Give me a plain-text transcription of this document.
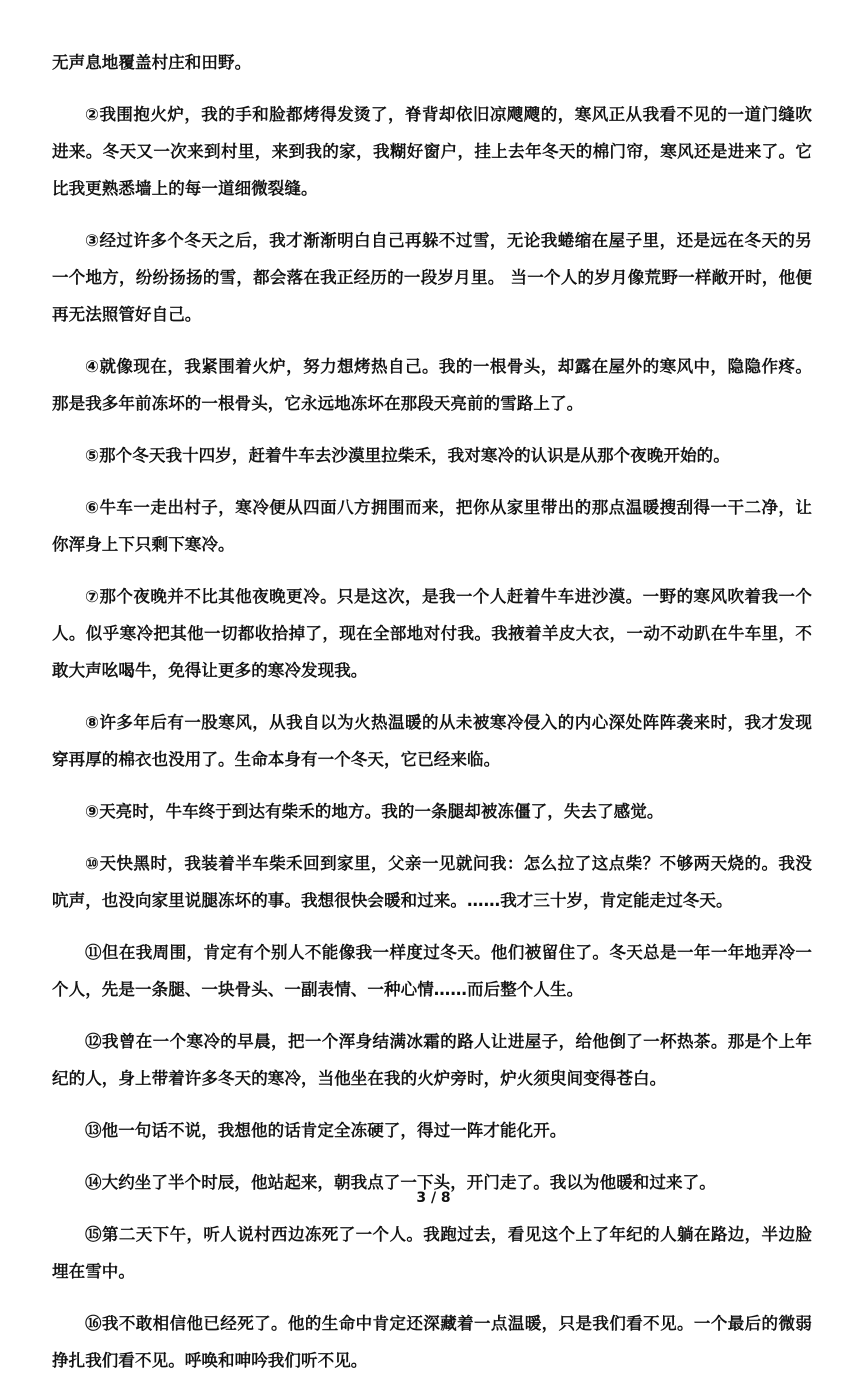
无声息地覆盖村庄和田野。

②我围抱火炉，我的手和脸都烤得发烫了，脊背却依旧凉飕飕的，寒风正从我看不见的一道门缝吹进来。冬天又一次来到村里，来到我的家，我糊好窗户，挂上去年冬天的棉门帘，寒风还是进来了。它比我更熟悉墙上的每一道细微裂缝。

③经过许多个冬天之后，我才渐渐明白自己再躲不过雪，无论我蜷缩在屋子里，还是远在冬天的另一个地方，纷纷扬扬的雪，都会落在我正经历的一段岁月里。 当一个人的岁月像荒野一样敞开时，他便再无法照管好自己。

④就像现在，我紧围着火炉，努力想烤热自己。我的一根骨头，却露在屋外的寒风中，隐隐作疼。那是我多年前冻坏的一根骨头，它永远地冻坏在那段天亮前的雪路上了。

⑤那个冬天我十四岁，赶着牛车去沙漠里拉柴禾，我对寒冷的认识是从那个夜晚开始的。

⑥牛车一走出村子，寒冷便从四面八方拥围而来，把你从家里带出的那点温暖搜刮得一干二净，让你浑身上下只剩下寒冷。

⑦那个夜晚并不比其他夜晚更冷。只是这次，是我一个人赶着牛车进沙漠。一野的寒风吹着我一个人。似乎寒冷把其他一切都收拾掉了，现在全部地对付我。我掖着羊皮大衣，一动不动趴在牛车里，不敢大声吆喝牛，免得让更多的寒冷发现我。

⑧许多年后有一股寒风，从我自以为火热温暖的从未被寒冷侵入的内心深处阵阵袭来时，我才发现穿再厚的棉衣也没用了。生命本身有一个冬天，它已经来临。

⑨天亮时，牛车终于到达有柴禾的地方。我的一条腿却被冻僵了，失去了感觉。

⑩天快黑时，我装着半车柴禾回到家里，父亲一见就问我：怎么拉了这点柴？不够两天烧的。我没吭声，也没向家里说腿冻坏的事。我想很快会暖和过来。……我才三十岁，肯定能走过冬天。

⑪但在我周围，肯定有个别人不能像我一样度过冬天。他们被留住了。冬天总是一年一年地弄冷一个人，先是一条腿、一块骨头、一副表情、一种心情……而后整个人生。

⑫我曾在一个寒冷的早晨，把一个浑身结满冰霜的路人让进屋子，给他倒了一杯热茶。那是个上年纪的人，身上带着许多冬天的寒冷，当他坐在我的火炉旁时，炉火须臾间变得苍白。

⑬他一句话不说，我想他的话肯定全冻硬了，得过一阵才能化开。

⑭大约坐了半个时辰，他站起来，朝我点了一下头，开门走了。我以为他暖和过来了。

⑮第二天下午，听人说村西边冻死了一个人。我跑过去，看见这个上了年纪的人躺在路边，半边脸埋在雪中。

⑯我不敢相信他已经死了。他的生命中肯定还深藏着一点温暖，只是我们看不见。一个最后的微弱挣扎我们看不见。呼唤和呻吟我们听不见。

3 / 8
